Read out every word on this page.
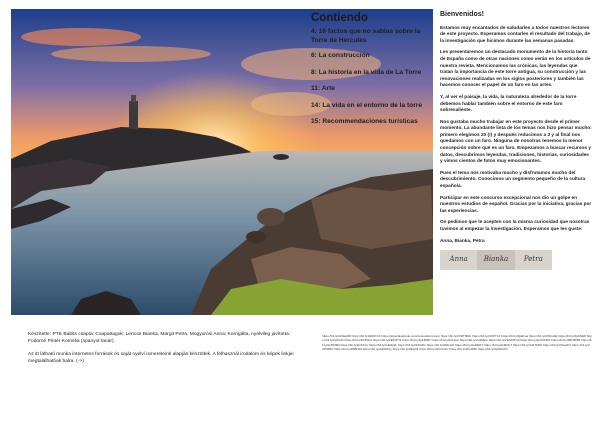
Contiendo
4: 16 factos que no sabias sobre la Torre de Hercules
6: La construcción
8: La historia en la vida de La Torre
11: Arte
14: La vida en el entorno de la torre
15: Recommendaciones turísticas
Bienvenidos!

Estamos muy encantados de saludarles a todos nuestros lectores de este proyecto. Esperamos contarles el resultado del trabajo, de la investigación que hicimos durante las semanas pasadas.

Les presentaremos un destacado monumento de la historia tanto de España como de otras naciones como verán en los artículos de nuestra revista. Mencionamos las crónicas, las leyendas que tratan la importancia de este torre antigua, su construcción y las renovaciones realizadas en los siglos posteriores y también las hacemos conocer el papel de un faro en las artes.

Y, al ver el paisaje, la vida, la naturaleza alrededor de la torre debemos hablar también sobre el entorno de este faro sobresaliente.

Nos gustaba mucho trabajar en este proyecto desde el primer momento. La abundante lista de los temas nos hizo pensar mucho: primero elegimos 20 (!) y después reducimos a 3 y al final nos quedamos con un faro. Ninguna de nosotras tenemos la menor concepción sobre qué es un faro. Empezamos a buscar recursos y datos, descubrimos leyendas, tradiciones, historias, curiosidades y vimos cientos de fotos muy emocionantes.

Pues el tema nos motivaba mucho y disfrutamos mucho del descubrimiento. Conocimos un segmento pequeño de la cultura española.

Participar en este concurso excepcional nos dio un golpe en nuestros estudios de español. Gracias por la iniciativa, gracias por las experiencias.

Os pedimos que le acepten con la misma curiosidad que nosotras tuvimos al empezar la investigación. Esperamos que les guste:

Anna, Bianka, Petra
Anna	Bianka	Petra

Készítette: PTE Babits csapta; Csapattagok: Lencse Bianka, Margit Petra, Mogyorósi Anna; Korrigálta, nyelvileg javította: Fodorné Pintér Kornélia (spanyol tanár)

Az itt látható munka internetes források és saját nyelvi ismereteink alapján készültek. A felhasznál irodalom és képek linkjei megtalálhatóak balra. (->)

https://bit.ly/2Cllag9R https://bit.ly/2EKiKO4 https://www.facebook.com/notes/ahercules/ https://bit.ly/2XDTMRp https://bit.ly/2OiFT1X https://bit.ly/2pE1ua https://bit.ly/2XDmdE https://bit.ly/2pFbiE8 https://bit.ly/2pFtcPl https://bit.ly/2AZ5lu1 https://bit.ly/2EiNTH1 https://bit.ly/2pF8R8Y https://bit.ly/2u1Jwu https://bit.ly/2o3MjFe https://bit.ly/2EGMTGb https://bit.ly/2pXNNRb https://bit.ly/2BO8tSB https://bit.ly/2pHiOBa https://bit.ly/2ivSXze https://bit.ly/2uRiQ2L https://bit.ly/2lcHaD1 https://bit.ly/2RiCiwb https://bit.ly/2LkfERY https://bit.ly/2p8iOuT https://bit.ly/2o6TMFh https://bit.ly/2XaeZVt https://bit.ly/2UP98FF https://bit.ly/2NBHd4 https://bit.ly/2pFR2Xy https://bit.ly/2EQrIlr https://bit.ly/2pCdoG7 https://bit.ly/2FeHBF https://bit.ly/2pR4kON
